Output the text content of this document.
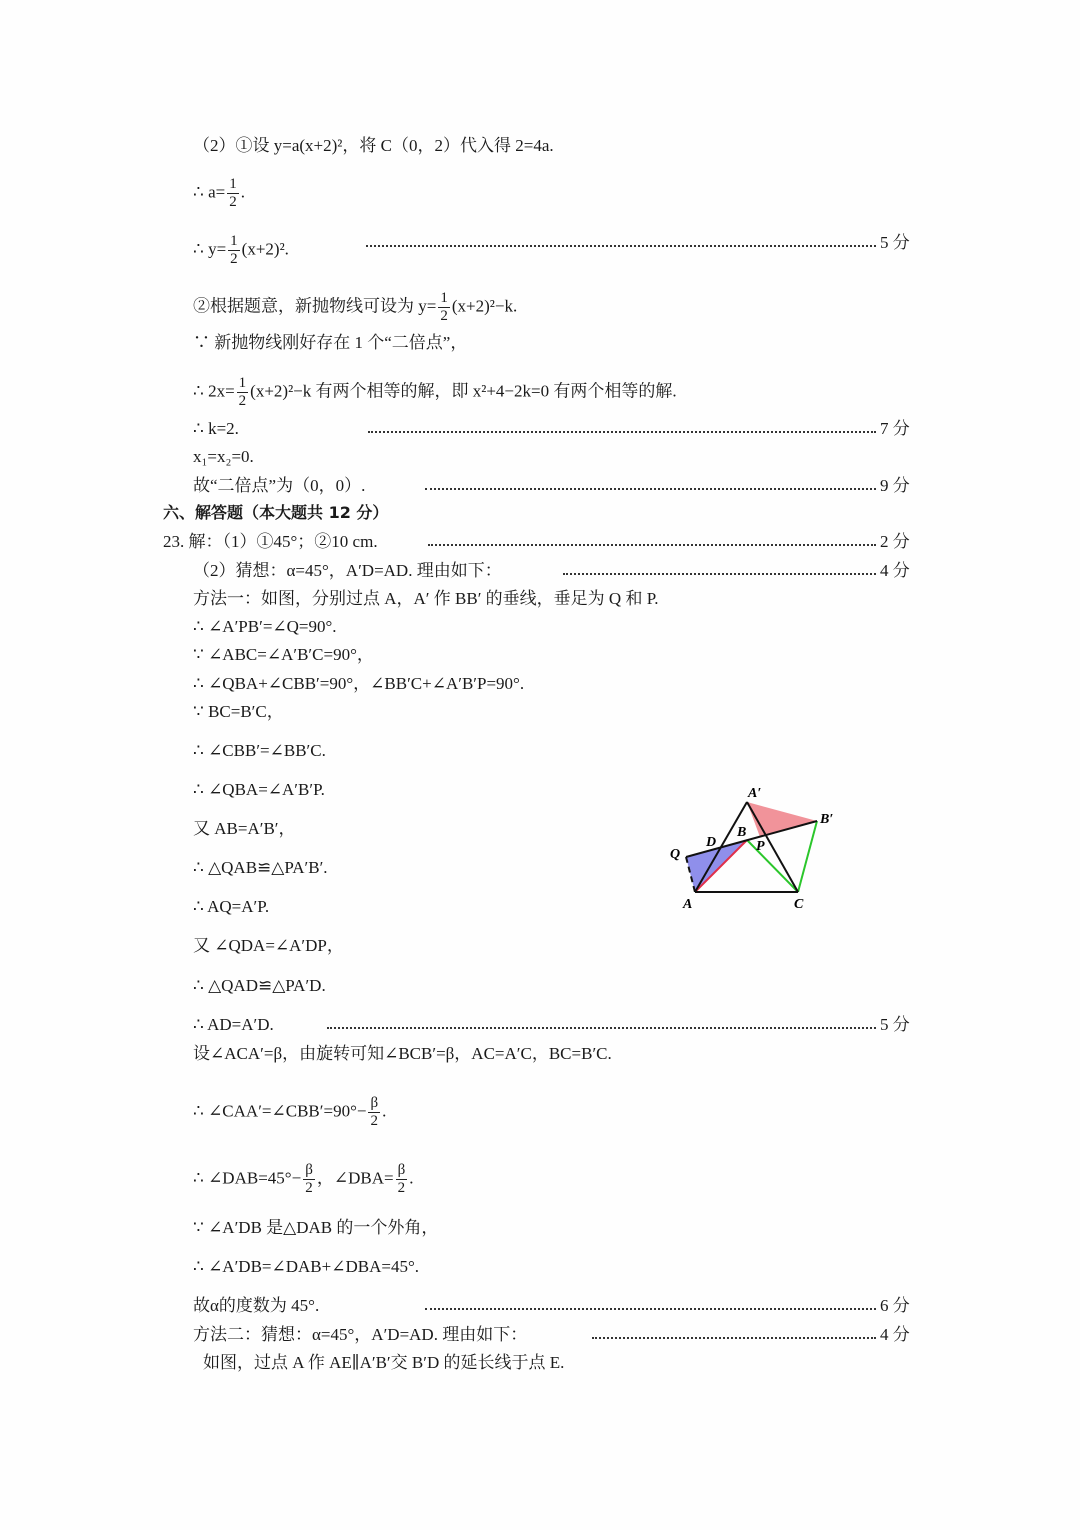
（2）①设 y=a(x+2)²，将 C（0，2）代入得 2=4a.
∴ $a= \frac{1}{2}$ .
∴ $y= \frac{1}{2} (x+2)^2$.	5 分
②根据题意，新抛物线可设为 $y= \frac{1}{2} (x+2)^2-k$.
∵ 新抛物线刚好存在 1 个“二倍点”，
∴ $2x= \frac{1}{2} (x+2)^2-k$ 有两个相等的解，即 x²+4−2k=0 有两个相等的解.
∴ k=2.	7 分
x₁=x₂=0.
故“二倍点”为（0，0）.	9 分
六、解答题（本大题共 12 分）
23. 解：（1）①45°；②10 cm.	2 分
（2）猜想：α=45°，A′D=AD. 理由如下：	4 分
方法一：如图，分别过点 A，A′ 作 BB′ 的垂线，垂足为 Q 和 P.
∴ ∠A′PB′=∠Q=90°.
∵ ∠ABC=∠A′B′C=90°，
∴ ∠QBA+∠CBB′=90°，∠BB′C+∠A′B′P=90°.
∵ BC=B′C，
∴ ∠CBB′=∠BB′C.
∴ ∠QBA=∠A′B′P.
又 AB=A′B′，
∴ △QAB≌△PA′B′.
∴ AQ=A′P.
又 ∠QDA=∠A′DP，
∴ △QAD≌△PA′D.
∴ AD=A′D.	5 分
设∠ACA′=β，由旋转可知∠BCB′=β，AC=A′C，BC=B′C.
∴ ∠CAA′=∠CBB′=90°− $\frac{\beta}{2}$ .
∴ ∠DAB=45°− $\frac{\beta}{2}$ ，∠DBA= $\frac{\beta}{2}$ .
∵ ∠A′DB 是△DAB 的一个外角，
∴ ∠A′DB=∠DAB+∠DBA=45°.
故α的度数为 45°.	6 分
方法二：猜想：α=45°，A′D=AD. 理由如下：	4 分
如图，过点 A 作 AE∥A′B′交 B′D 的延长线于点 E.
A′
B′
B
D	P
Q
A	C
